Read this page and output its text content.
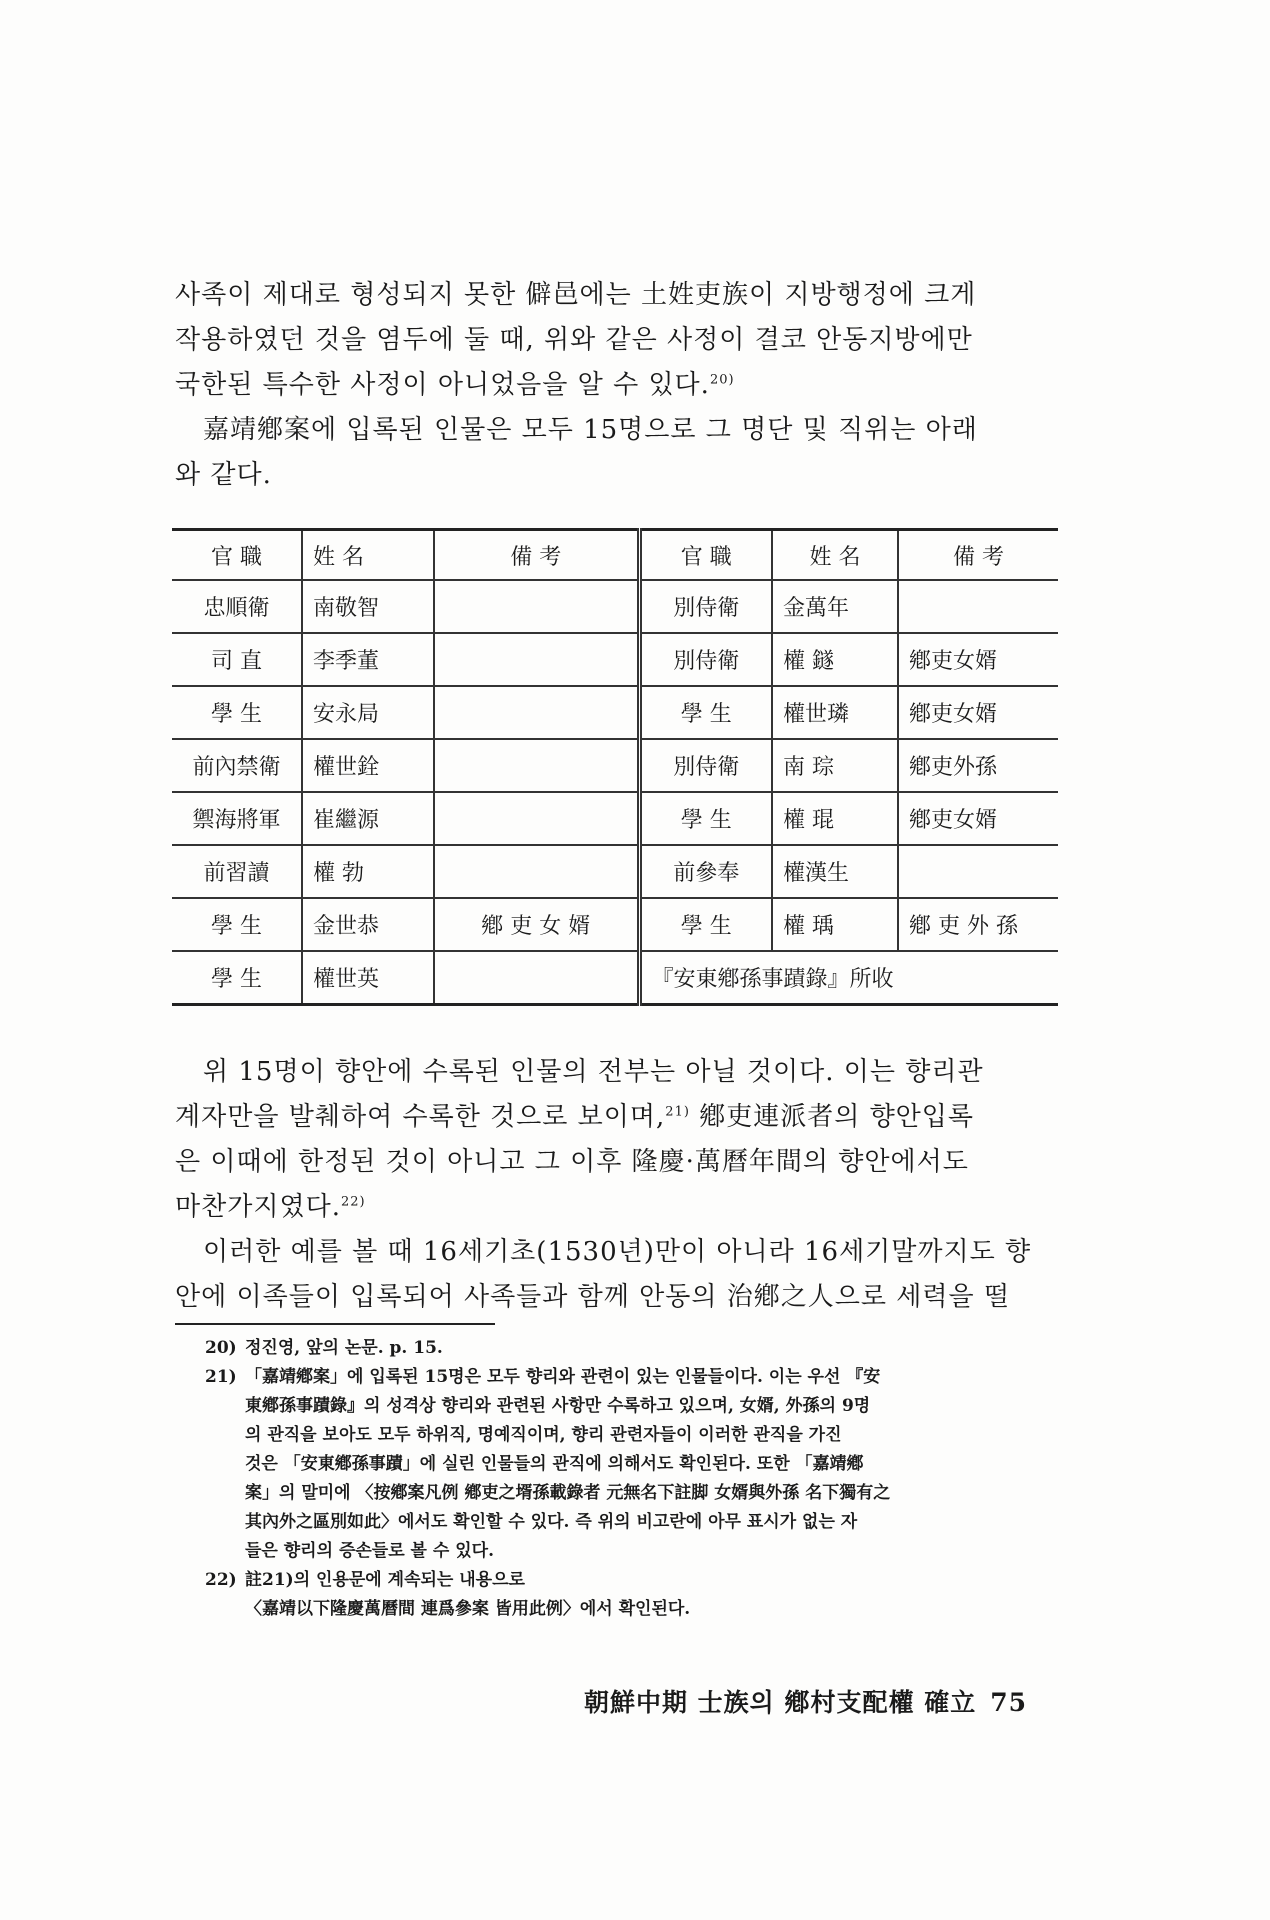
사족이 제대로 형성되지 못한 僻邑에는 土姓吏族이 지방행정에 크게

작용하였던 것을 염두에 둘 때, 위와 같은 사정이 결코 안동지방에만

국한된 특수한 사정이 아니었음을 알 수 있다.$^{20)}$

嘉靖鄕案에 입록된 인물은 모두 15명으로 그 명단 및 직위는 아래

와 같다.

官 職	姓 名	備 考	官 職	姓 名	備 考
忠順衛	南敬智		別侍衛	金萬年	
司 直	李季董		別侍衛	權 鐩	鄕吏女婿
學 生	安永局		學 生	權世璘	鄕吏女婿
前內禁衛	權世銓		別侍衛	南 琮	鄕吏外孫
禦海將軍	崔繼源		學 生	權 琨	鄕吏女婿
前習讀	權 勃		前參奉	權漢生	
學 生	金世恭	鄕 吏 女 婿	學 生	權 瑀	鄕 吏 外 孫
學 生	權世英		『安東鄕孫事蹟錄』所收		

위 15명이 향안에 수록된 인물의 전부는 아닐 것이다. 이는 향리관

계자만을 발췌하여 수록한 것으로 보이며,$^{21)}$ 鄕吏連派者의 향안입록

은 이때에 한정된 것이 아니고 그 이후 隆慶·萬曆年間의 향안에서도

마찬가지였다.$^{22)}$

이러한 예를 볼 때 16세기초(1530년)만이 아니라 16세기말까지도 향

안에 이족들이 입록되어 사족들과 함께 안동의 治鄕之人으로 세력을 떨

20) 정진영, 앞의 논문. p. 15.
21) 「嘉靖鄕案」에 입록된 15명은 모두 향리와 관련이 있는 인물들이다. 이는 우선 『安
東鄕孫事蹟錄』의 성격상 향리와 관련된 사항만 수록하고 있으며, 女婿, 外孫의 9명
의 관직을 보아도 모두 하위직, 명예직이며, 향리 관련자들이 이러한 관직을 가진
것은 「安東鄕孫事蹟」에 실린 인물들의 관직에 의해서도 확인된다. 또한 「嘉靖鄕
案」의 말미에 〈按鄕案凡例 鄕吏之壻孫載錄者 元無名下註脚 女婿與外孫 名下獨有之
其內外之區別如此〉에서도 확인할 수 있다. 즉 위의 비고란에 아무 표시가 없는 자
들은 향리의 증손들로 볼 수 있다.
22) 註21)의 인용문에 계속되는 내용으로
〈嘉靖以下隆慶萬曆間 連爲參案 皆用此例〉에서 확인된다.
朝鮮中期 士族의 鄕村支配權 確立 75
